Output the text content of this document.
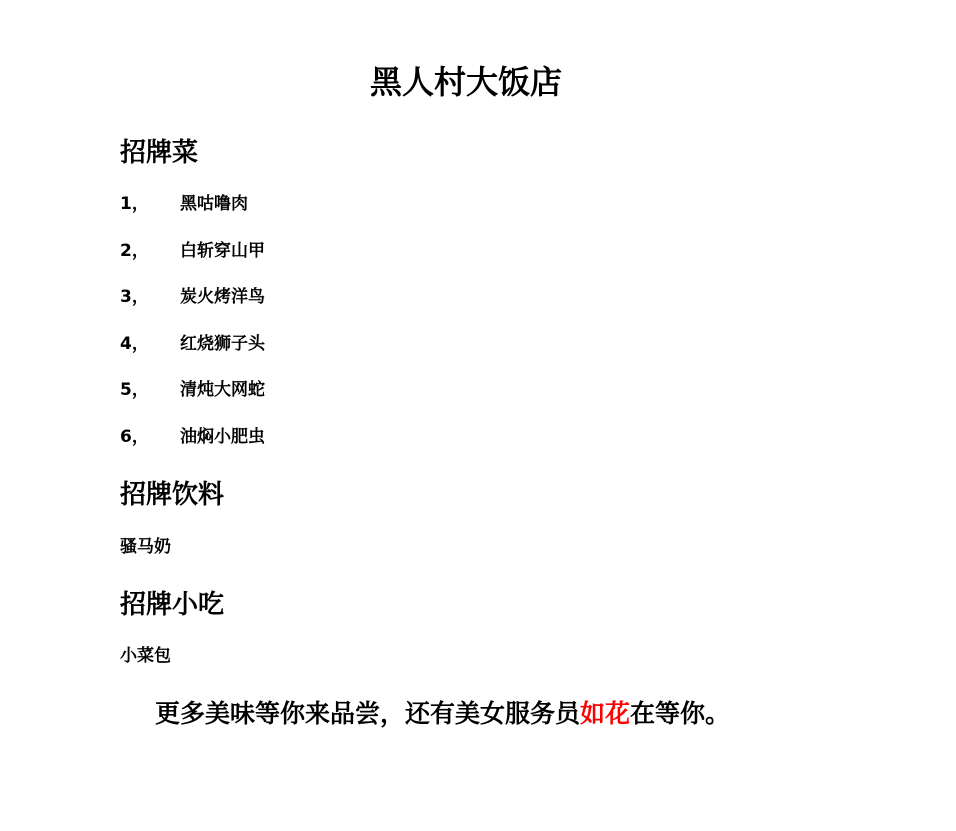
黑人村大饭店
招牌菜
1，	黑咕噜肉
2，	白斩穿山甲
3，	炭火烤洋鸟
4，	红烧狮子头
5，	清炖大网蛇
6，	油焖小肥虫
招牌饮料

骚马奶

招牌小吃

小菜包

更多美味等你来品尝，还有美女服务员如花在等你。
